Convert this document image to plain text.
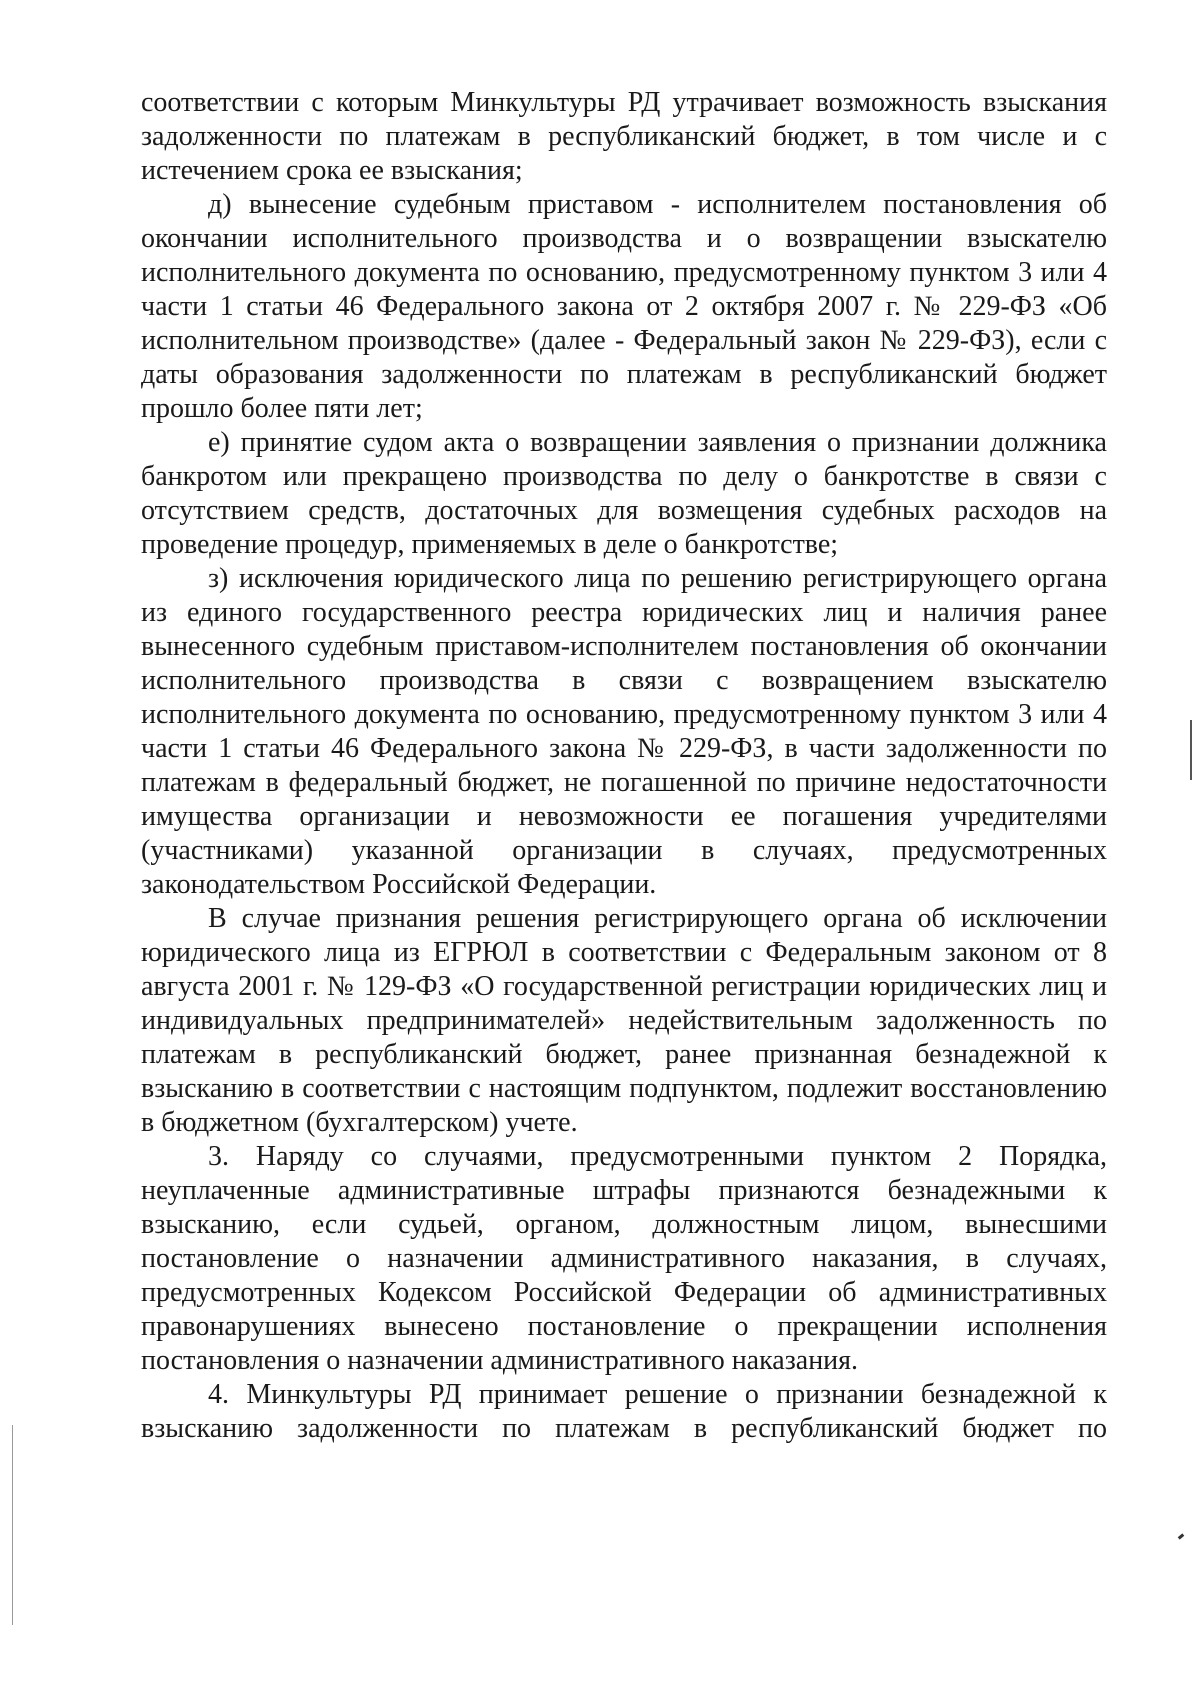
соответствии с которым Минкультуры РД утрачивает возможность взыскания
задолженности по платежам в республиканский бюджет, в том числе и с
истечением срока ее взыскания;
д) вынесение судебным приставом - исполнителем постановления об
окончании исполнительного производства и о возвращении взыскателю
исполнительного документа по основанию, предусмотренному пунктом 3 или 4
части 1 статьи 46 Федерального закона от 2 октября 2007 г. № 229-ФЗ «Об
исполнительном производстве» (далее - Федеральный закон № 229-ФЗ), если с
даты образования задолженности по платежам в республиканский бюджет
прошло более пяти лет;
е) принятие судом акта о возвращении заявления о признании должника
банкротом или прекращено производства по делу о банкротстве в связи с
отсутствием средств, достаточных для возмещения судебных расходов на
проведение процедур, применяемых в деле о банкротстве;
з) исключения юридического лица по решению регистрирующего органа
из единого государственного реестра юридических лиц и наличия ранее
вынесенного судебным приставом-исполнителем постановления об окончании
исполнительного производства в связи с возвращением взыскателю
исполнительного документа по основанию, предусмотренному пунктом 3 или 4
части 1 статьи 46 Федерального закона № 229-ФЗ, в части задолженности по
платежам в федеральный бюджет, не погашенной по причине недостаточности
имущества организации и невозможности ее погашения учредителями
(участниками) указанной организации в случаях, предусмотренных
законодательством Российской Федерации.
В случае признания решения регистрирующего органа об исключении
юридического лица из ЕГРЮЛ в соответствии с Федеральным законом от 8
августа 2001 г. № 129-ФЗ «О государственной регистрации юридических лиц и
индивидуальных предпринимателей» недействительным задолженность по
платежам в республиканский бюджет, ранее признанная безнадежной к
взысканию в соответствии с настоящим подпунктом, подлежит восстановлению
в бюджетном (бухгалтерском) учете.
3. Наряду со случаями, предусмотренными пунктом 2 Порядка,
неуплаченные административные штрафы признаются безнадежными к
взысканию, если судьей, органом, должностным лицом, вынесшими
постановление о назначении административного наказания, в случаях,
предусмотренных Кодексом Российской Федерации об административных
правонарушениях вынесено постановление о прекращении исполнения
постановления о назначении административного наказания.
4. Минкультуры РД принимает решение о признании безнадежной к
взысканию задолженности по платежам в республиканский бюджет по
